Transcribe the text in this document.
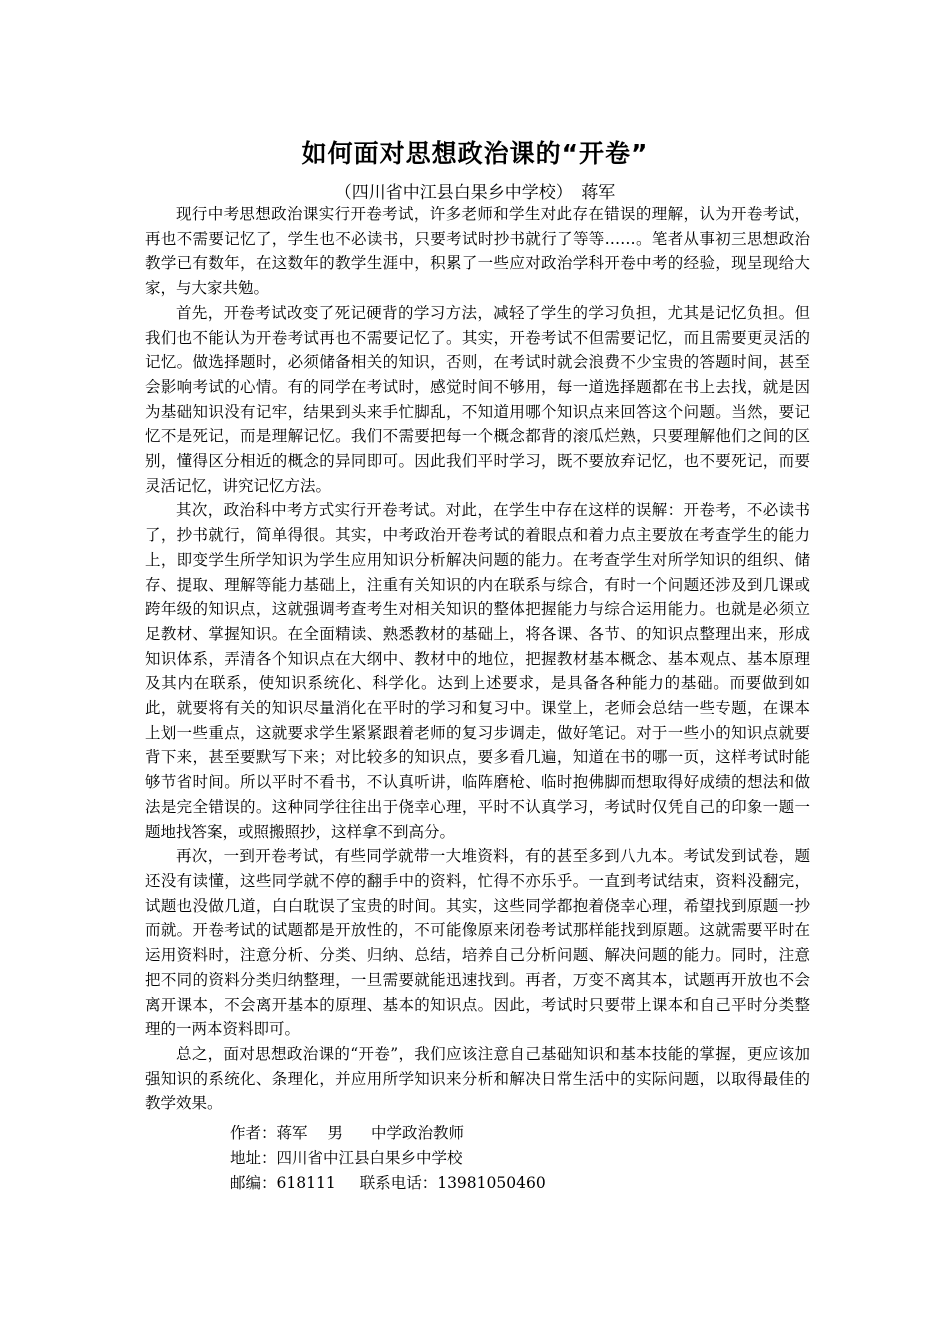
如何面对思想政治课的“开卷”
（四川省中江县白果乡中学校）　蒋军

现行中考思想政治课实行开卷考试，许多老师和学生对此存在错误的理解，认为开卷考试，再也不需要记忆了，学生也不必读书，只要考试时抄书就行了等等……。笔者从事初三思想政治教学已有数年，在这数年的教学生涯中，积累了一些应对政治学科开卷中考的经验，现呈现给大家，与大家共勉。

首先，开卷考试改变了死记硬背的学习方法，减轻了学生的学习负担，尤其是记忆负担。但我们也不能认为开卷考试再也不需要记忆了。其实，开卷考试不但需要记忆，而且需要更灵活的记忆。做选择题时，必须储备相关的知识，否则，在考试时就会浪费不少宝贵的答题时间，甚至会影响考试的心情。有的同学在考试时，感觉时间不够用，每一道选择题都在书上去找，就是因为基础知识没有记牢，结果到头来手忙脚乱，不知道用哪个知识点来回答这个问题。当然，要记忆不是死记，而是理解记忆。我们不需要把每一个概念都背的滚瓜烂熟，只要理解他们之间的区别，懂得区分相近的概念的异同即可。因此我们平时学习，既不要放弃记忆，也不要死记，而要灵活记忆，讲究记忆方法。

其次，政治科中考方式实行开卷考试。对此，在学生中存在这样的误解：开卷考，不必读书了，抄书就行，简单得很。其实，中考政治开卷考试的着眼点和着力点主要放在考查学生的能力上，即变学生所学知识为学生应用知识分析解决问题的能力。在考查学生对所学知识的组织、储存、提取、理解等能力基础上，注重有关知识的内在联系与综合，有时一个问题还涉及到几课或跨年级的知识点，这就强调考查考生对相关知识的整体把握能力与综合运用能力。也就是必须立足教材、掌握知识。在全面精读、熟悉教材的基础上，将各课、各节、的知识点整理出来，形成知识体系，弄清各个知识点在大纲中、教材中的地位，把握教材基本概念、基本观点、基本原理及其内在联系，使知识系统化、科学化。达到上述要求，是具备各种能力的基础。而要做到如此，就要将有关的知识尽量消化在平时的学习和复习中。课堂上，老师会总结一些专题，在课本上划一些重点，这就要求学生紧紧跟着老师的复习步调走，做好笔记。对于一些小的知识点就要背下来，甚至要默写下来；对比较多的知识点，要多看几遍，知道在书的哪一页，这样考试时能够节省时间。所以平时不看书，不认真听讲，临阵磨枪、临时抱佛脚而想取得好成绩的想法和做法是完全错误的。这种同学往往出于侥幸心理，平时不认真学习，考试时仅凭自己的印象一题一题地找答案，或照搬照抄，这样拿不到高分。

再次，一到开卷考试，有些同学就带一大堆资料，有的甚至多到八九本。考试发到试卷，题还没有读懂，这些同学就不停的翻手中的资料，忙得不亦乐乎。一直到考试结束，资料没翻完，试题也没做几道，白白耽误了宝贵的时间。其实，这些同学都抱着侥幸心理，希望找到原题一抄而就。开卷考试的试题都是开放性的，不可能像原来闭卷考试那样能找到原题。这就需要平时在运用资料时，注意分析、分类、归纳、总结，培养自己分析问题、解决问题的能力。同时，注意把不同的资料分类归纳整理，一旦需要就能迅速找到。再者，万变不离其本，试题再开放也不会离开课本，不会离开基本的原理、基本的知识点。因此，考试时只要带上课本和自己平时分类整理的一两本资料即可。

总之，面对思想政治课的“开卷”，我们应该注意自己基础知识和基本技能的掌握，更应该加强知识的系统化、条理化，并应用所学知识来分析和解决日常生活中的实际问题，以取得最佳的教学效果。

作者：蒋军 男 中学政治教师
地址：四川省中江县白果乡中学校
邮编：618111 联系电话：13981050460
